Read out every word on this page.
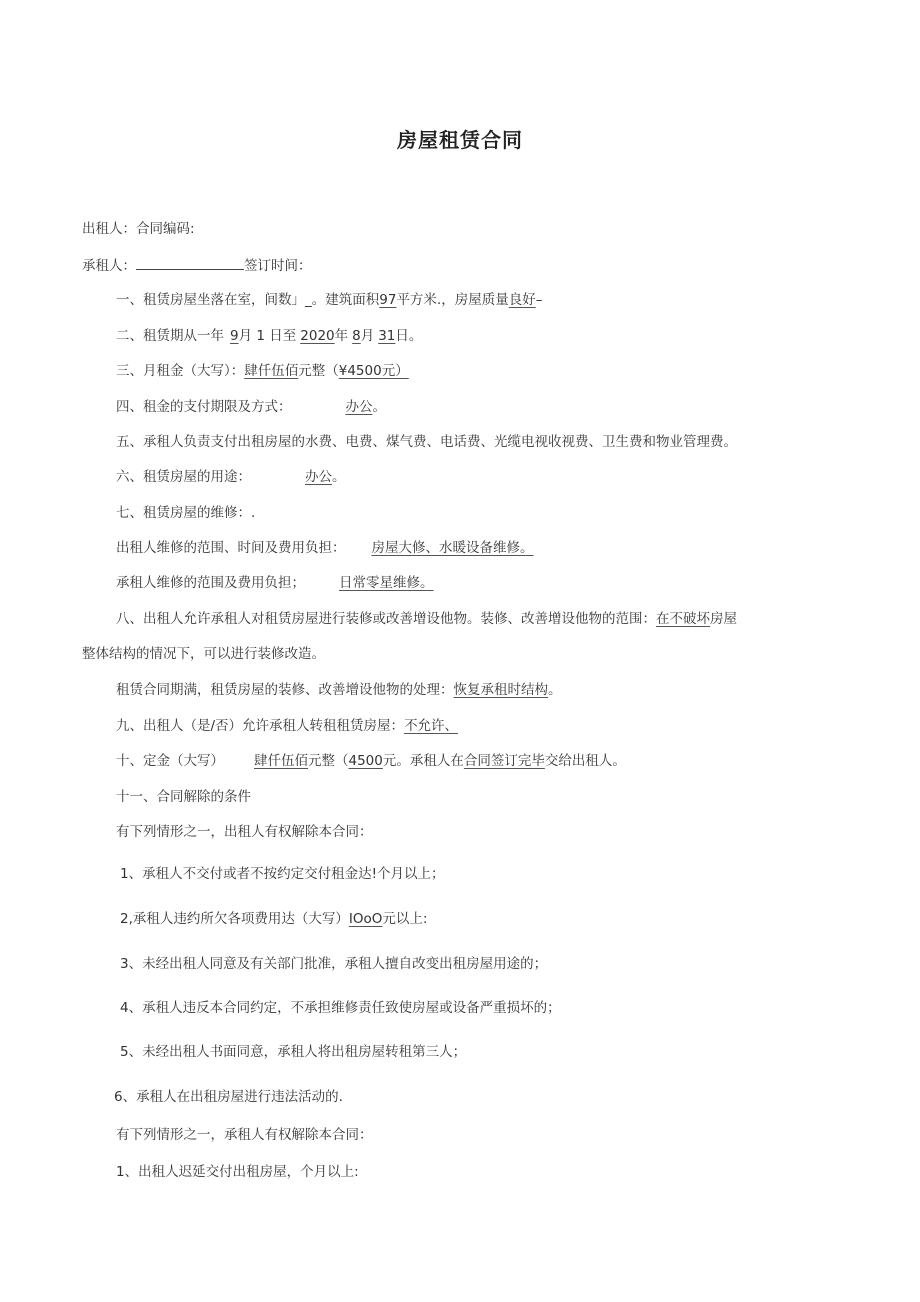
房屋租赁合同
出租人：合同编码:
承租人：	签订时间：
一、租赁房屋坐落在室，间数」_。建筑面积97平方米.，房屋质量良好–
二、租赁期从一年 9月 1 日至 2020年 8月 31日。
三、月租金（大写）：肆仟伍佰元整（¥4500元）
四、租金的支付期限及方式：	办公。
五、承租人负责支付出租房屋的水费、电费、煤气费、电话费、光缆电视收视费、卫生费和物业管理费。
六、租赁房屋的用途：	办公。
七、租赁房屋的维修：.
出租人维修的范围、时间及费用负担： 房屋大修、水暖设备维修。
承租人维修的范围及费用负担；	日常零星维修。
八、出租人允许承租人对租赁房屋进行装修或改善增设他物。装修、改善增设他物的范围：在不破坏房屋
整体结构的情况下，可以进行装修改造。
租赁合同期满，租赁房屋的装修、改善增设他物的处理：恢复承租时结构。
九、出租人（是/否）允许承租人转租租赁房屋：不允许、
十、定金（大写） 肆仟伍佰元整（4500元。承租人在合同签订完毕交给出租人。
十一、合同解除的条件
有下列情形之一，出租人有权解除本合同：
1、承租人不交付或者不按约定交付租金达!个月以上；
2,承租人违约所欠各项费用达（大写）IOoO元以上:
3、未经出租人同意及有关部门批准，承租人擅自改变出租房屋用途的；
4、承租人违反本合同约定，不承担维修责任致使房屋或设备严重损坏的；
5、未经出租人书面同意，承租人将出租房屋转租第三人；
6、承租人在出租房屋进行违法活动的.
有下列情形之一，承租人有权解除本合同：
1、出租人迟延交付出租房屋，个月以上:
